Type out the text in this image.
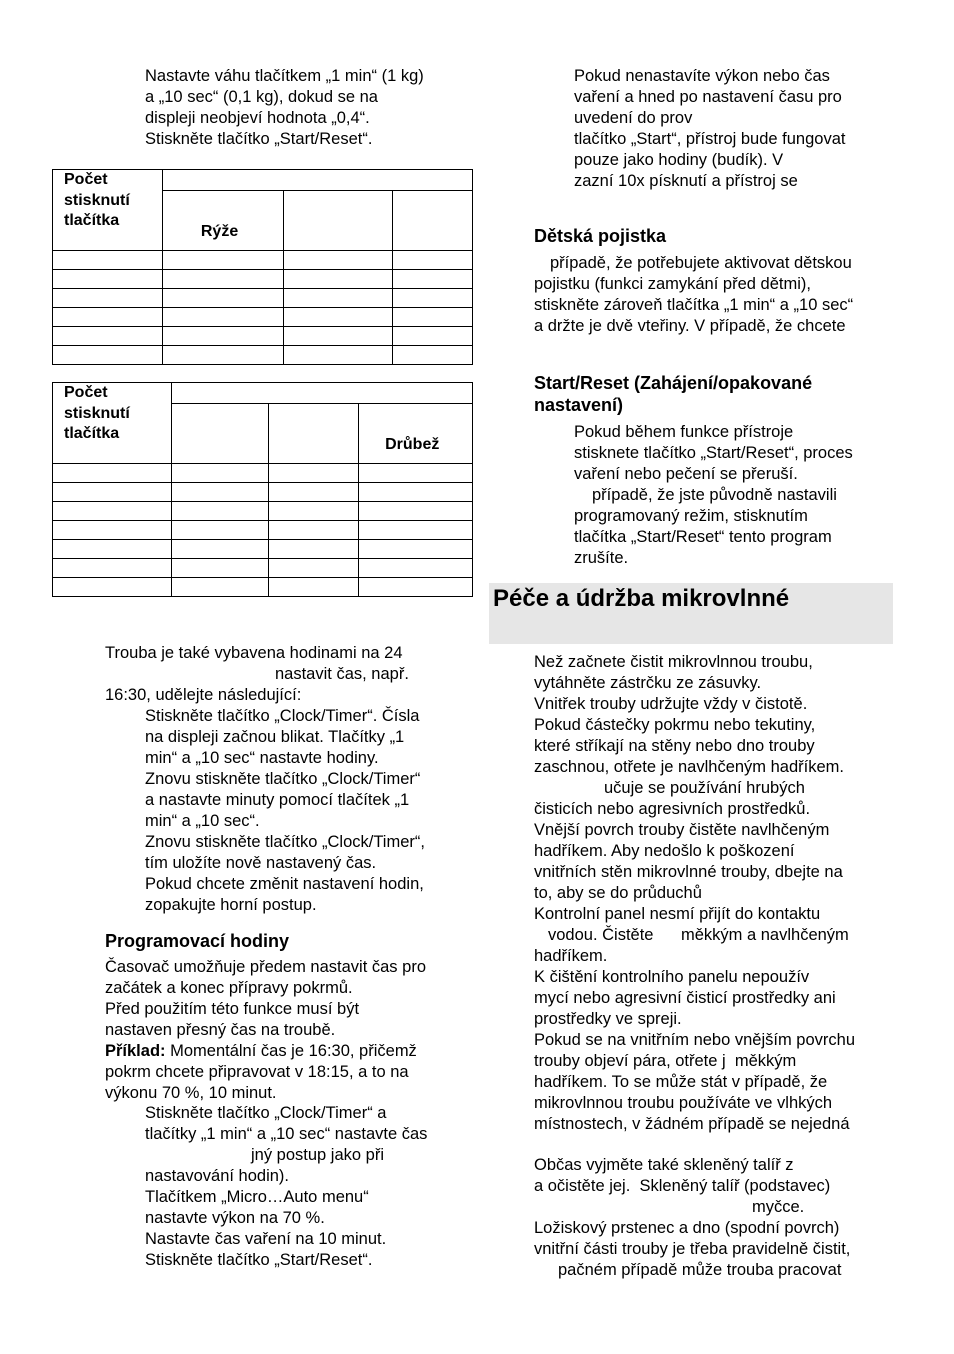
Nastavte váhu tlačítkem „1 min“ (1 kg)
a „10 sec“ (0,1 kg), dokud se na
displeji neobjeví hodnota „0,4“.
Stiskněte tlačítko „Start/Reset“.
Počet
stisknutí
tlačítka			

	Rýže		

Počet
stisknutí
tlačítka			

			Drůbež

Trouba je také vybavena hodinami na 24
nastavit čas, např.
16:30, udělejte následující:
Stiskněte tlačítko „Clock/Timer“. Čísla
na displeji začnou blikat. Tlačítky „1
min“ a „10 sec“ nastavte hodiny.
Znovu stiskněte tlačítko „Clock/Timer“
a nastavte minuty pomocí tlačítek „1
min“ a „10 sec“.
Znovu stiskněte tlačítko „Clock/Timer“,
tím uložíte nově nastavený čas.
Pokud chcete změnit nastavení hodin,
zopakujte horní postup.
Programovací hodiny
Časovač umožňuje předem nastavit čas pro
začátek a konec přípravy pokrmů.
Před použitím této funkce musí být
nastaven přesný čas na troubě.
Příklad: Momentální čas je 16:30, přičemž
pokrm chcete připravovat v 18:15, a to na
výkonu 70 %, 10 minut.
Stiskněte tlačítko „Clock/Timer“ a
tlačítky „1 min“ a „10 sec“ nastavte čas
jný postup jako při
nastavování hodin).
Tlačítkem „Micro…Auto menu“
nastavte výkon na 70 %.
Nastavte čas vaření na 10 minut.
Stiskněte tlačítko „Start/Reset“.
Pokud nenastavíte výkon nebo čas
vaření a hned po nastavení času pro
uvedení do prov
tlačítko „Start“, přístroj bude fungovat
pouze jako hodiny (budík). V
zazní 10x písknutí a přístroj se
Dětská pojistka
případě, že potřebujete aktivovat dětskou
pojistku (funkci zamykání před dětmi),
stiskněte zároveň tlačítka „1 min“ a „10 sec“
a držte je dvě vteřiny. V případě, že chcete
Start/Reset (Zahájení/opakované
nastavení)
Pokud během funkce přístroje
stisknete tlačítko „Start/Reset“, proces
vaření nebo pečení se přeruší.
případě, že jste původně nastavili
programovaný režim, stisknutím
tlačítka „Start/Reset“ tento program
zrušíte.
Péče a údržba mikrovlnné
Než začnete čistit mikrovlnnou troubu,
vytáhněte zástrčku ze zásuvky.
Vnitřek trouby udržujte vždy v čistotě.
Pokud částečky pokrmu nebo tekutiny,
které stříkají na stěny nebo dno trouby
zaschnou, otřete je navlhčeným hadříkem.
učuje se používání hrubých
čisticích nebo agresivních prostředků.
Vnější povrch trouby čistěte navlhčeným
hadříkem. Aby nedošlo k poškození
vnitřních stěn mikrovlnné trouby, dbejte na
to, aby se do průduchů
Kontrolní panel nesmí přijít do kontaktu
vodou. Čistěte      měkkým a navlhčeným
hadříkem.
K čištění kontrolního panelu nepoužív
mycí nebo agresivní čisticí prostředky ani
prostředky ve spreji.
Pokud se na vnitřním nebo vnějším povrchu
trouby objeví pára, otřete j  měkkým
hadříkem. To se může stát v případě, že
mikrovlnnou troubu používáte ve vlhkých
místnostech, v žádném případě se nejedná
Občas vyjměte také skleněný talíř z
a očistěte jej.  Skleněný talíř (podstavec)
myčce.
Ložiskový prstenec a dno (spodní povrch)
vnitřní části trouby je třeba pravidelně čistit,
pačném případě může trouba pracovat
